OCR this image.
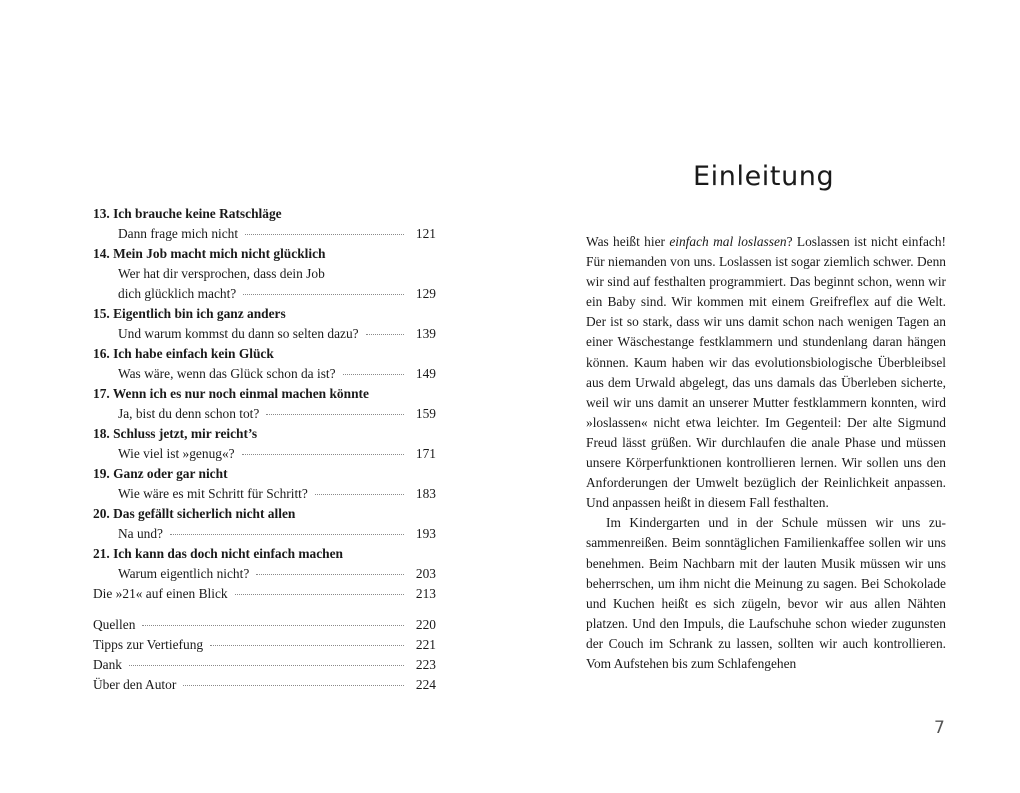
13. Ich brauche keine Ratschläge
Dann frage mich nicht	121
14. Mein Job macht mich nicht glücklich
Wer hat dir versprochen, dass dein Job
dich glücklich macht?	129
15. Eigentlich bin ich ganz anders
Und warum kommst du dann so selten dazu?	139
16. Ich habe einfach kein Glück
Was wäre, wenn das Glück schon da ist?	149
17. Wenn ich es nur noch einmal machen könnte
Ja, bist du denn schon tot?	159
18. Schluss jetzt, mir reicht’s
Wie viel ist »genug«?	171
19. Ganz oder gar nicht
Wie wäre es mit Schritt für Schritt?	183
20. Das gefällt sicherlich nicht allen
Na und?	193
21. Ich kann das doch nicht einfach machen
Warum eigentlich nicht?	203
Die »21« auf einen Blick	213
Quellen	220
Tipps zur Vertiefung	221
Dank	223
Über den Autor	224
Einleitung

Was heißt hier einfach mal loslassen? Loslassen ist nicht einfach! Für niemanden von uns. Loslassen ist sogar ziemlich schwer. Denn wir sind auf festhalten programmiert. Das beginnt schon, wenn wir ein Baby sind. Wir kommen mit einem Greifreflex auf die Welt. Der ist so stark, dass wir uns damit schon nach wenigen Tagen an einer Wäschestange festklammern und stundenlang daran hängen können. Kaum haben wir das evolutionsbiologische Überbleibsel aus dem Urwald abgelegt, das uns damals das Überleben sicherte, weil wir uns damit an unserer Mutter festklammern konnten, wird »loslassen« nicht etwa leichter. Im Gegenteil: Der alte Sigmund Freud lässt grüßen. Wir durchlaufen die anale Phase und müssen unsere Körperfunktionen kontrollieren lernen. Wir sollen uns den Anforderungen der Umwelt bezüglich der Reinlichkeit anpassen. Und anpassen heißt in diesem Fall festhalten.

Im Kindergarten und in der Schule müssen wir uns zusammenreißen. Beim sonntäglichen Familienkaffee sollen wir uns benehmen. Beim Nachbarn mit der lauten Musik müssen wir uns beherrschen, um ihm nicht die Meinung zu sagen. Bei Schokolade und Kuchen heißt es sich zügeln, bevor wir aus allen Nähten platzen. Und den Impuls, die Laufschuhe schon wieder zugunsten der Couch im Schrank zu lassen, sollten wir auch kontrollieren. Vom Aufstehen bis zum Schlafengehen

7
